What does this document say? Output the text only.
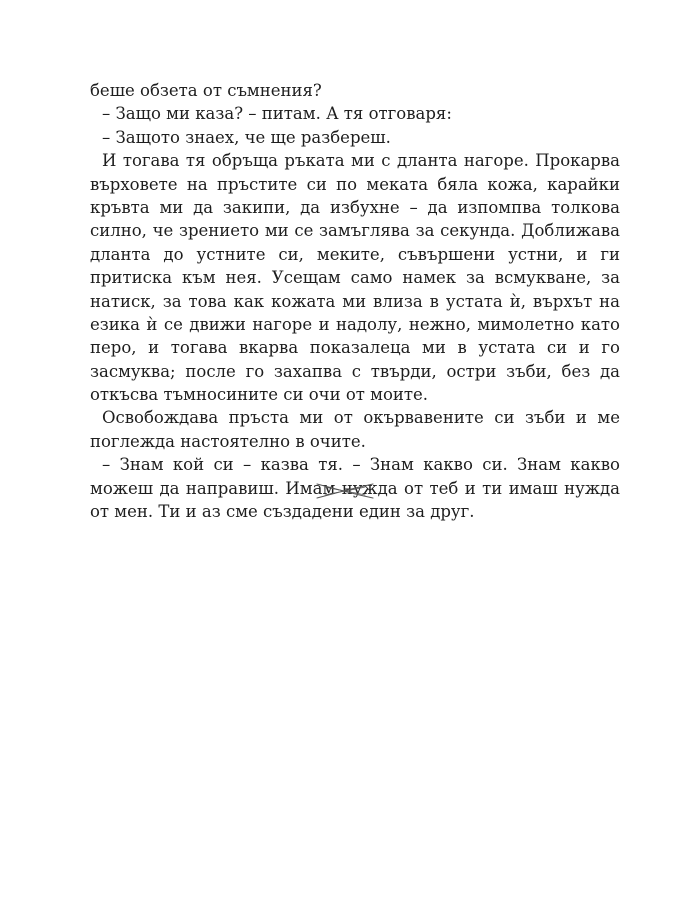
беше обзета от съмнения?
– Защо ми каза? – питам. А тя отговаря:
– Защото знаех, че ще разбереш.
И тогава тя обръща ръката ми с дланта нагоре. Прокарва
върховете на пръстите си по меката бяла кожа, карайки
кръвта ми да закипи, да избухне – да изпомпва толкова
силно, че зрението ми се замъглява за секунда. Доближава
дланта до устните си, меките, съвършени устни, и ги
притиска към нея. Усещам само намек за всмукване, за
натиск, за това как кожата ми влиза в устата ѝ, върхът на
езика ѝ се движи нагоре и надолу, нежно, мимолетно като
перо, и тогава вкарва показалеца ми в устата си и го
засмуква; после го захапва с твърди, остри зъби, без да
откъсва тъмносините си очи от моите.
Освобождава пръста ми от окървавените си зъби и ме
поглежда настоятелно в очите.
– Знам кой си – казва тя. – Знам какво си. Знам какво
можеш да направиш. Имам нужда от теб и ти имаш нужда
от мен. Ти и аз сме създадени един за друг.
